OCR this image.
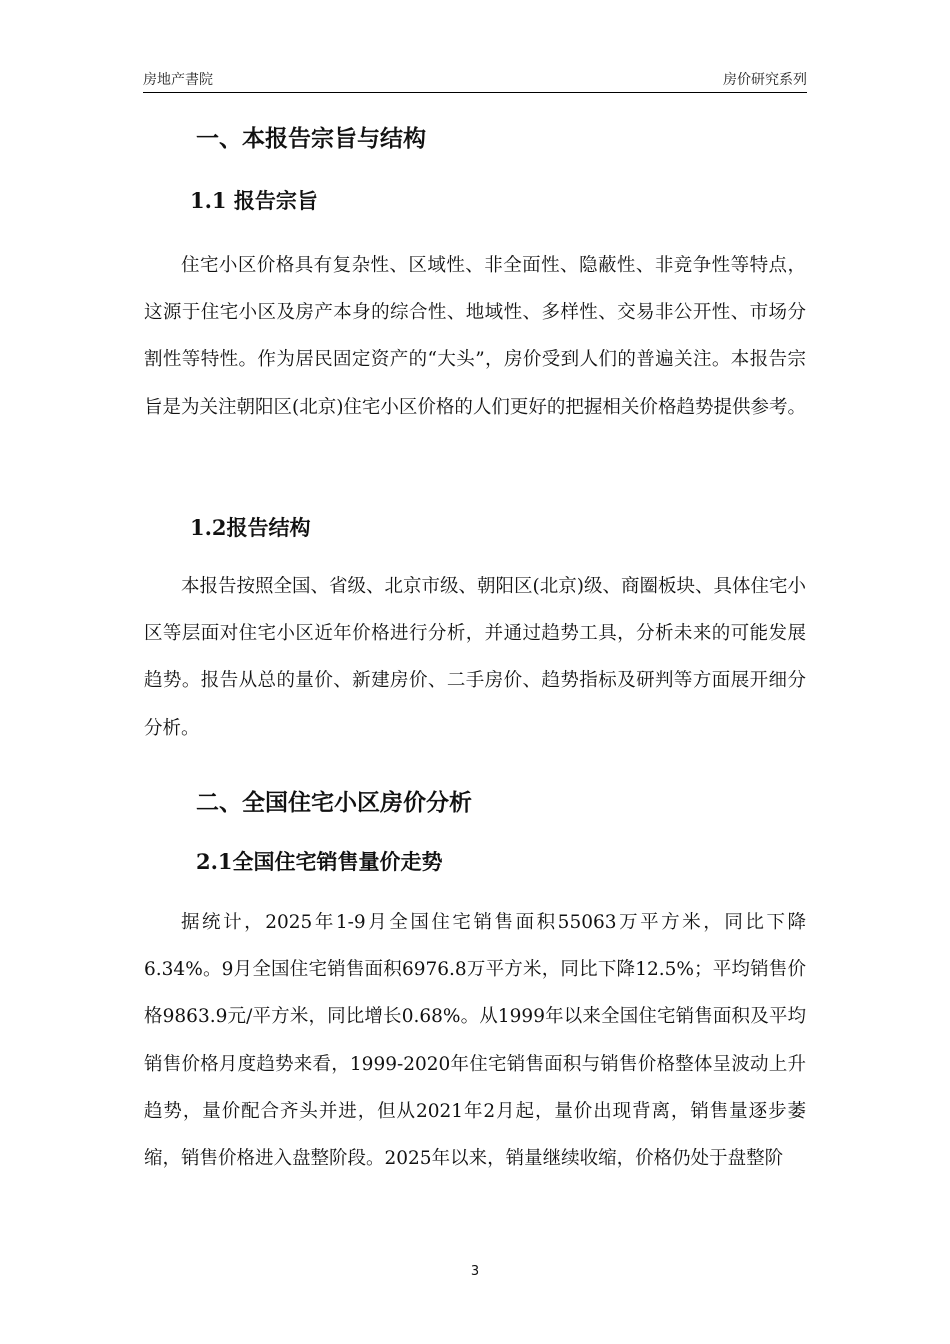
房地产書院	房价研究系列
一、本报告宗旨与结构
1.1 报告宗旨

住宅小区价格具有复杂性、区域性、非全面性、隐蔽性、非竞争性等特点，这源于住宅小区及房产本身的综合性、地域性、多样性、交易非公开性、市场分割性等特性。作为居民固定资产的“大头”，房价受到人们的普遍关注。本报告宗旨是为关注朝阳区(北京)住宅小区价格的人们更好的把握相关价格趋势提供参考。

1.2报告结构

本报告按照全国、省级、北京市级、朝阳区(北京)级、商圈板块、具体住宅小区等层面对住宅小区近年价格进行分析，并通过趋势工具，分析未来的可能发展趋势。报告从总的量价、新建房价、二手房价、趋势指标及研判等方面展开细分分析。

二、全国住宅小区房价分析
2.1全国住宅销售量价走势

据统计，2025年1-9月全国住宅销售面积55063万平方米，同比下降6.34%。9月全国住宅销售面积6976.8万平方米，同比下降12.5%；平均销售价格9863.9元/平方米，同比增长0.68%。从1999年以来全国住宅销售面积及平均销售价格月度趋势来看，1999-2020年住宅销售面积与销售价格整体呈波动上升趋势，量价配合齐头并进，但从2021年2月起，量价出现背离，销售量逐步萎缩，销售价格进入盘整阶段。2025年以来，销量继续收缩，价格仍处于盘整阶

3
